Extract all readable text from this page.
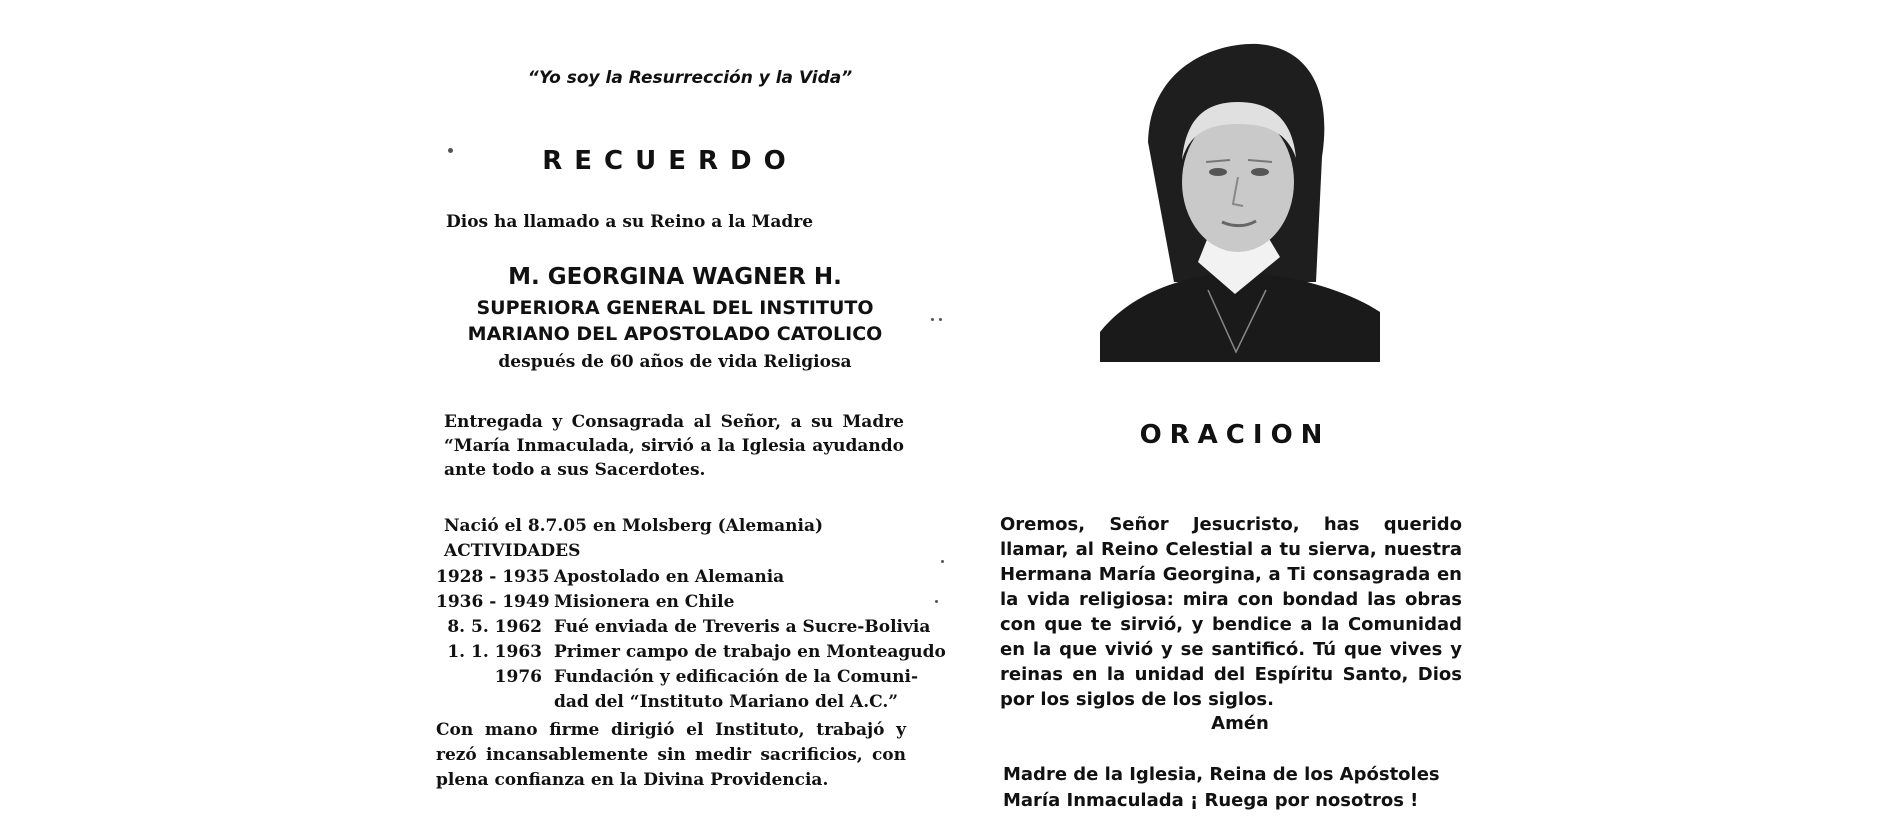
“Yo soy la Resurrección y la Vida”
RECUERDO
Dios ha llamado a su Reino a la Madre
M. GEORGINA WAGNER H.
SUPERIORA GENERAL DEL INSTITUTO
MARIANO DEL APOSTOLADO CATOLICO
después de 60 años de vida Religiosa

Entregada y Consagrada al Señor, a su Madre “María Inmaculada, sirvió a la Iglesia ayudando ante todo a sus Sacerdotes.

Nació el 8.7.05 en Molsberg (Alemania)
ACTIVIDADES
1928 - 1935 Apostolado en Alemania
1936 - 1949 Misionera en Chile
8. 5. 1962 Fué enviada de Treveris a Sucre-Bolivia
1. 1. 1963 Primer campo de trabajo en Monteagudo
1976 Fundación y edificación de la Comuni-
dad del “Instituto Mariano del A.C.”

Con mano firme dirigió el Instituto, trabajó y rezó incansablemente sin medir sacrificios, con plena confianza en la Divina Providencia.

ORACION

Oremos, Señor Jesucristo, has querido llamar, al Reino Celestial a tu sierva, nuestra Hermana María Georgina, a Ti consagrada en la vida religiosa: mira con bondad las obras con que te sirvió, y bendice a la Comunidad en la que vivió y se santificó. Tú que vives y reinas en la unidad del Espíritu Santo, Dios por los siglos de los siglos.

Amén
Madre de la Iglesia, Reina de los Apóstoles
María Inmaculada ¡ Ruega por nosotros !
